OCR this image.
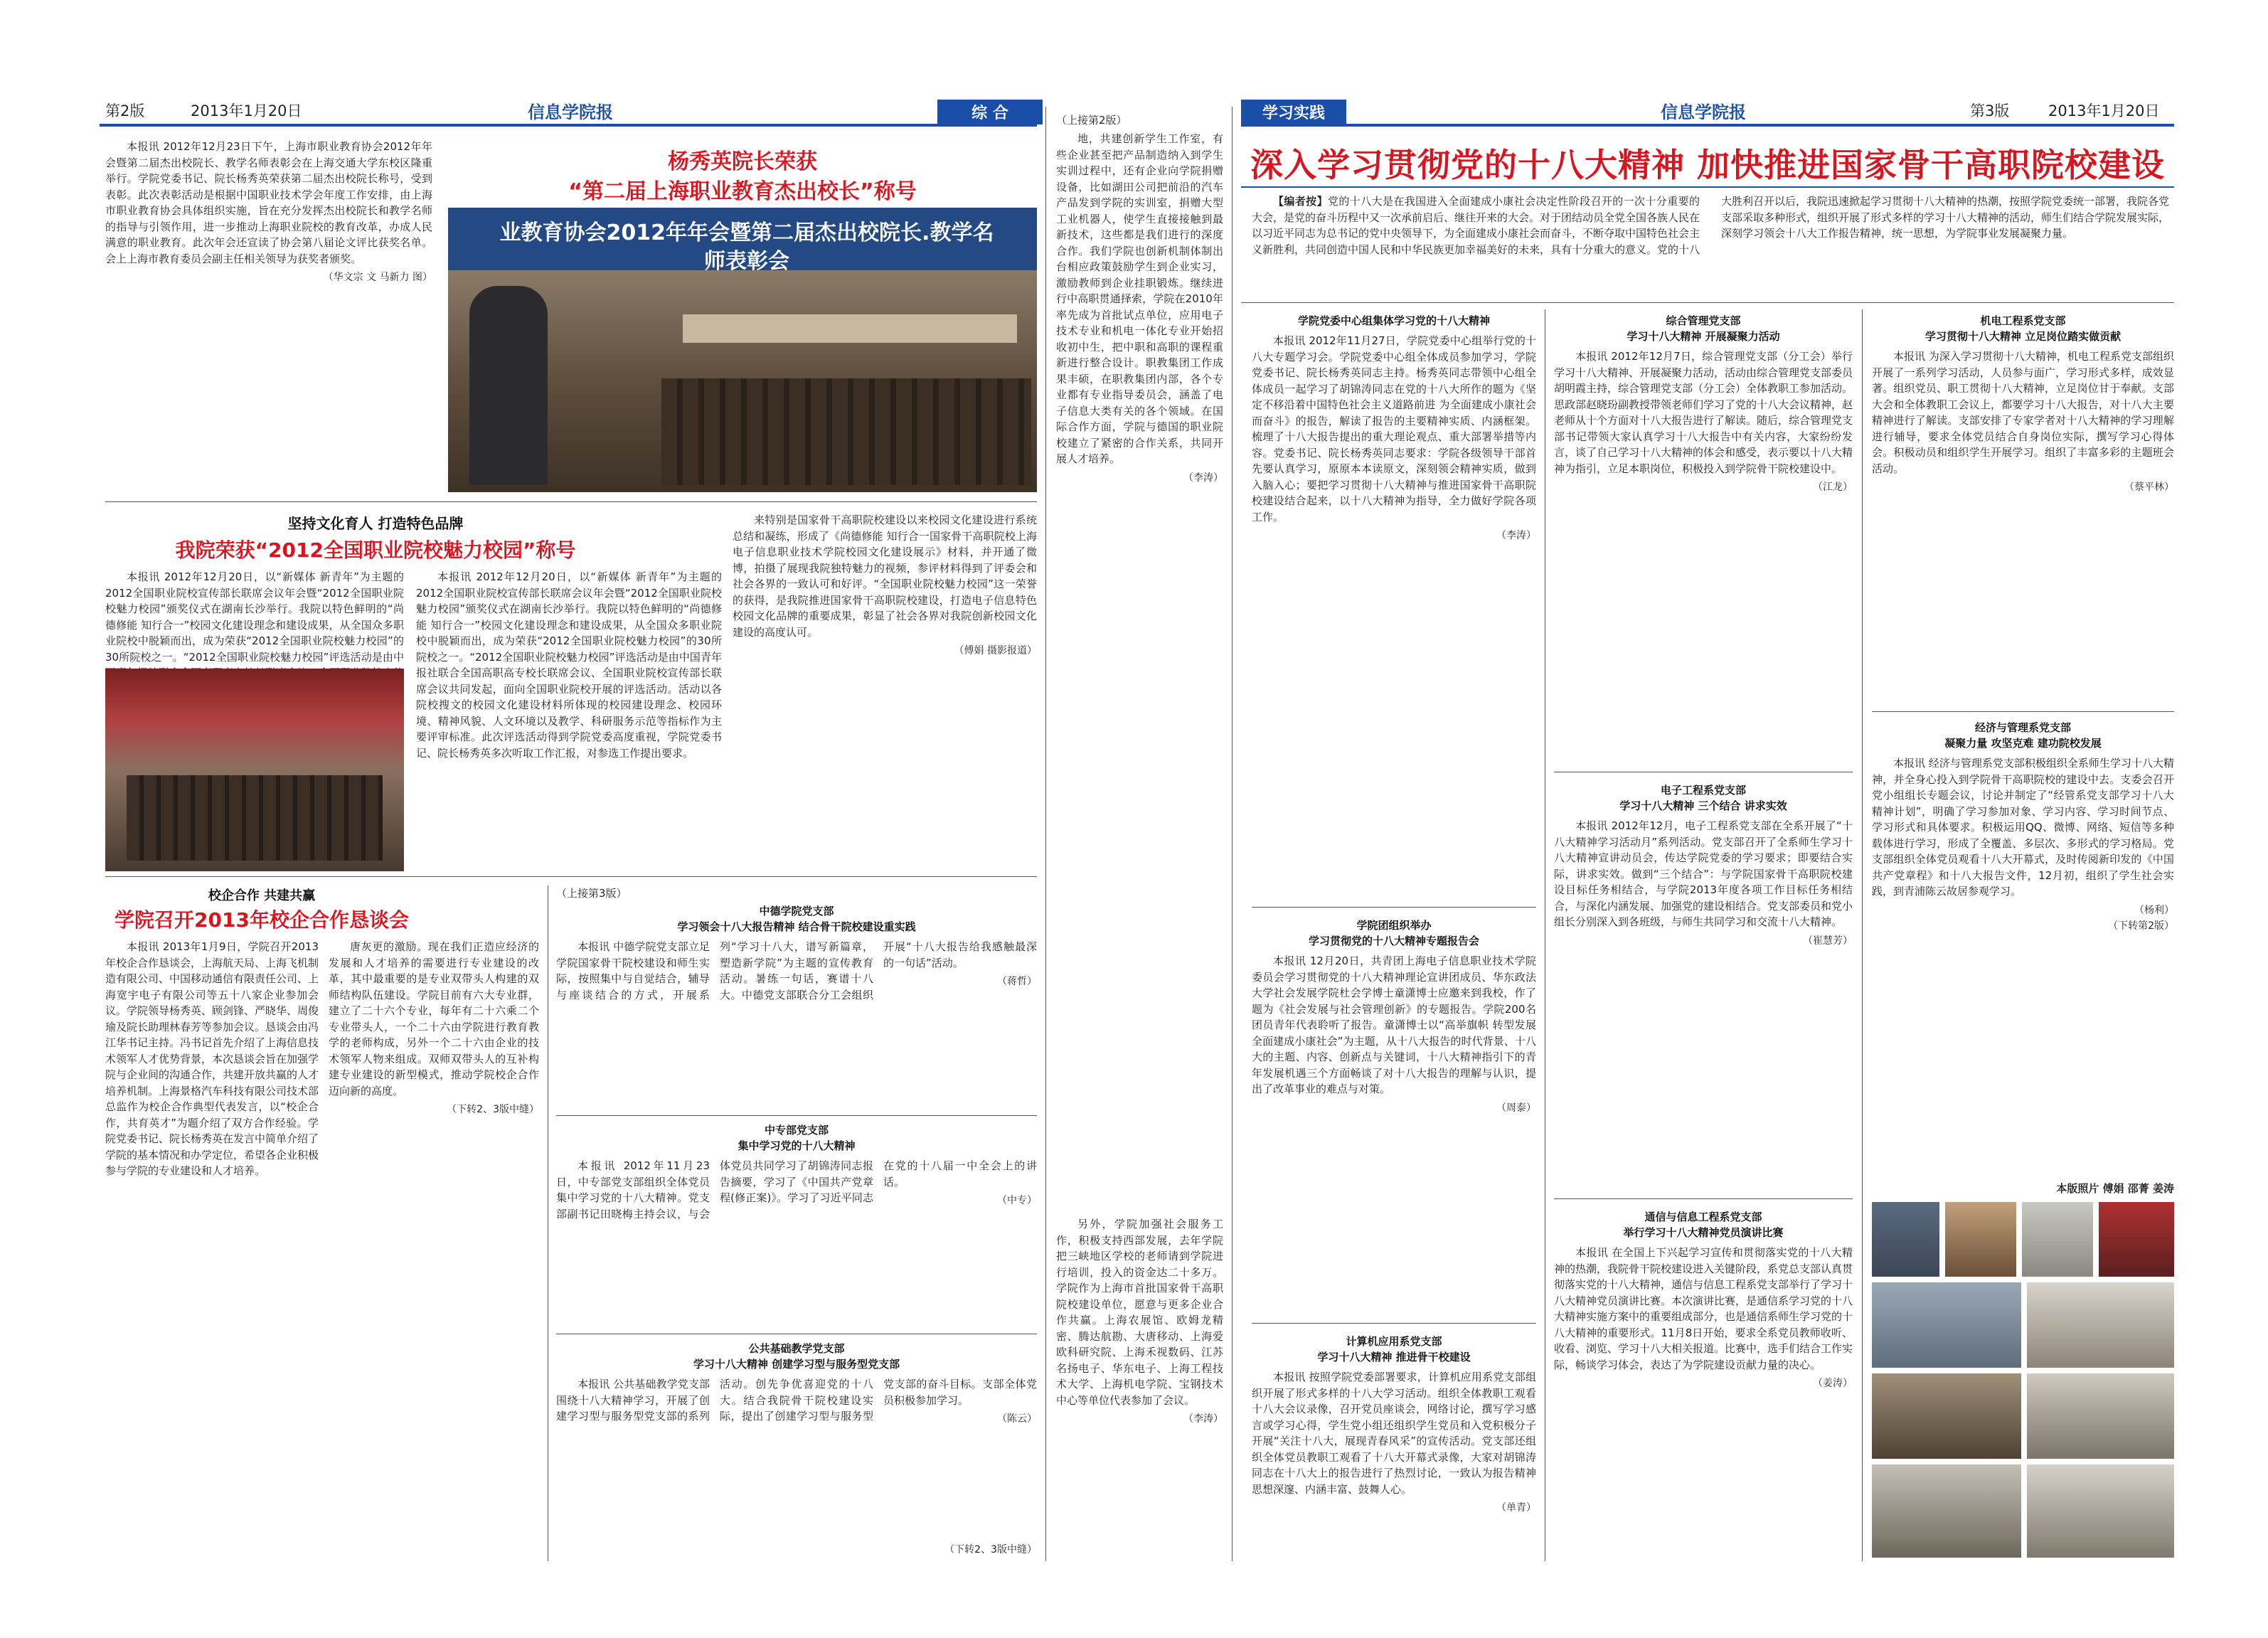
第2版	2013年1月20日	信息学院报	综 合	学习实践	信息学院报	第3版	2013年1月20日

本报讯 2012年12月23日下午，上海市职业教育协会2012年年会暨第二届杰出校院长、教学名师表彰会在上海交通大学东校区隆重举行。学院党委书记、院长杨秀英荣获第二届杰出校院长称号，受到表彰。此次表彰活动是根据中国职业技术学会年度工作安排，由上海市职业教育协会具体组织实施，旨在充分发挥杰出校院长和教学名师的指导与引领作用，进一步推动上海职业院校的教育改革，办成人民满意的职业教育。此次年会还宣读了协会第八届论文评比获奖名单。会上上海市教育委员会副主任相关领导为获奖者颁奖。

（华文宗 文 马新力 图）
杨秀英院长荣获
“第二届上海职业教育杰出校长”称号
业教育协会2012年年会暨第二届杰出校院长.教学名师表彰会
坚持文化育人 打造特色品牌
我院荣获“2012全国职业院校魅力校园”称号

本报讯 2012年12月20日，以“新媒体 新青年”为主题的2012全国职业院校宣传部长联席会议年会暨“2012全国职业院校魅力校园”颁奖仪式在湖南长沙举行。我院以特色鲜明的“尚德修能 知行合一”校园文化建设理念和建设成果，从全国众多职业院校中脱颖而出，成为荣获“2012全国职业院校魅力校园”的30所院校之一。“2012全国职业院校魅力校园”评选活动是由中

本报讯 2012年12月20日，以“新媒体 新青年”为主题的2012全国职业院校宣传部长联席会议年会暨“2012全国职业院校魅力校园”颁奖仪式在湖南长沙举行。我院以特色鲜明的“尚德修能 知行合一”校园文化建设理念和建设成果，从全国众多职业院校中脱颖而出，成为荣获“2012全国职业院校魅力校园”的30所院校之一。“2012全国职业院校魅力校园”评选活动是由中国青年报社联合全国高职高专校长联席会议、全国职业院校宣传部长联席会议共同发起，面向全国职业院校开展的评选活动。活动以各院校搜文的校园文化建设材料所体现的校园建设理念、校园环境、精神风貌、人文环境以及教学、科研服务示范等指标作为主要评审标准。此次评选活动得到学院党委高度重视，学院党委书记、院长杨秀英多次听取工作汇报，对参选工作提出要求。

来特别是国家骨干高职院校建设以来校园文化建设进行系统总结和凝练，形成了《尚德修能 知行合一国家骨干高职院校上海电子信息职业技术学院校园文化建设展示》材料，并开通了微博，拍摄了展现我院独特魅力的视频，参评材料得到了评委会和社会各界的一致认可和好评。“全国职业院校魅力校园”这一荣誉的获得，是我院推进国家骨干高职院校建设，打造电子信息特色校园文化品牌的重要成果，彰显了社会各界对我院创新校园文化建设的高度认可。

（傅娟 摄影报道）
校企合作 共建共赢
学院召开2013年校企合作恳谈会

本报讯 2013年1月9日，学院召开2013年校企合作恳谈会，上海航天局、上海飞机制造有限公司、中国移动通信有限责任公司、上海宽宇电子有限公司等五十八家企业参加会议。学院领导杨秀英、顾剑锋、严晓华、周俊瑜及院长助理林春芳等参加会议。恳谈会由冯江华书记主持。冯书记首先介绍了上海信息技术领军人才优势背景，本次恳谈会旨在加强学院与企业间的沟通合作，共建开放共赢的人才培养机制。上海景格汽车科技有限公司技术部总监作为校企合作典型代表发言，以“校企合作，共育英才”为题介绍了双方合作经验。学院党委书记、院长杨秀英在发言中简单介绍了学院的基本情况和办学定位，希望各企业积极参与学院的专业建设和人才培养。

唐灰更的激励。现在我们正造应经济的发展和人才培养的需要进行专业建设的改革，其中最重要的是专业双带头人构建的双师结构队伍建设。学院目前有六大专业群，建立了二十六个专业，每年有二十六乘二个专业带头人，一个二十六由学院进行教育教学的老师构成，另外一个二十六由企业的技术领军人物来组成。双师双带头人的互补构建专业建设的新型模式，推动学院校企合作迈向新的高度。

（下转2、3版中缝）
（上接第3版）
中德学院党支部
学习领会十八大报告精神 结合骨干院校建设重实践

本报讯 中德学院党支部立足学院国家骨干院校建设和师生实际，按照集中与自觉结合，辅导与座谈结合的方式，开展系列“学习十八大，谱写新篇章，塑造新学院”为主题的宣传教育活动。暑练一句话，赛谱十八大。中德党支部联合分工会组织开展“十八大报告给我感触最深的一句话”活动。

（蒋哲）
中专部党支部
集中学习党的十八大精神

本报讯 2012年11月23日，中专部党支部组织全体党员集中学习党的十八大精神。党支部副书记田晓梅主持会议，与会体党员共同学习了胡锦涛同志报告摘要，学习了《中国共产党章程(修正案)》。学习了习近平同志在党的十八届一中全会上的讲话。

（中专）
公共基础教学党支部
学习十八大精神 创建学习型与服务型党支部

本报讯 公共基础教学党支部围绕十八大精神学习，开展了创建学习型与服务型党支部的系列活动。创先争优喜迎党的十八大。结合我院骨干院校建设实际，提出了创建学习型与服务型党支部的奋斗目标。支部全体党员积极参加学习。

（陈云）
（下转2、3版中缝）
（上接第2版）

地，共建创新学生工作室，有些企业甚至把产品制造纳入到学生实训过程中，还有企业向学院捐赠设备，比如湖田公司把前沿的汽车产品发到学院的实训室，捐赠大型工业机器人，使学生直接接触到最新技术，这些都是我们进行的深度合作。我们学院也创新机制体制出台相应政策鼓励学生到企业实习，激励教师到企业挂职锻炼。继续进行中高职贯通择索，学院在2010年率先成为首批试点单位，应用电子技术专业和机电一体化专业开始招收初中生，把中职和高职的课程重新进行整合设计。职教集团工作成果丰硕，在职教集团内部，各个专业都有专业指导委员会，涵盖了电子信息大类有关的各个领域。在国际合作方面，学院与德国的职业院校建立了紧密的合作关系，共同开展人才培养。

（李涛）

另外，学院加强社会服务工作，积极支持西部发展，去年学院把三峡地区学校的老师请到学院进行培训，投入的资金达二十多万。学院作为上海市首批国家骨干高职院校建设单位，愿意与更多企业合作共赢。上海农展馆、欧姆龙精密、腾达航勘、大唐移动、上海爱欧科研究院、上海禾视数码、江苏名扬电子、华东电子、上海工程技术大学、上海机电学院、宝钢技术中心等单位代表参加了会议。

（李涛）
深入学习贯彻党的十八大精神 加快推进国家骨干高职院校建设

【编者按】党的十八大是在我国进入全面建成小康社会决定性阶段召开的一次十分重要的大会，是党的奋斗历程中又一次承前启后、继往开来的大会。对于团结动员全党全国各族人民在以习近平同志为总书记的党中央领导下，为全面建成小康社会而奋斗，不断夺取中国特色社会主义新胜利，共同创造中国人民和中华民族更加幸福美好的未来，具有十分重大的意义。党的十八大胜利召开以后，我院迅速掀起学习贯彻十八大精神的热潮，按照学院党委统一部署，我院各党支部采取多种形式，组织开展了形式多样的学习十八大精神的活动，师生们结合学院发展实际，深刻学习领会十八大工作报告精神，统一思想，为学院事业发展凝聚力量。

学院党委中心组集体学习党的十八大精神

本报讯 2012年11月27日，学院党委中心组举行党的十八大专题学习会。学院党委中心组全体成员参加学习，学院党委书记、院长杨秀英同志主持。杨秀英同志带领中心组全体成员一起学习了胡锦涛同志在党的十八大所作的题为《坚定不移沿着中国特色社会主义道路前进 为全面建成小康社会而奋斗》的报告，解读了报告的主要精神实质、内涵框架。梳理了十八大报告提出的重大理论观点、重大部署举措等内容。党委书记、院长杨秀英同志要求：学院各级领导干部首先要认真学习，原原本本读原文，深刻领会精神实质，做到入脑入心；要把学习贯彻十八大精神与推进国家骨干高职院校建设结合起来，以十八大精神为指导，全力做好学院各项工作。

（李涛）
学院团组织举办
学习贯彻党的十八大精神专题报告会

本报讯 12月20日，共青团上海电子信息职业技术学院委员会学习贯彻党的十八大精神理论宣讲团成员、华东政法大学社会发展学院杜会学博士童潇博士应邀来到我校，作了题为《社会发展与社会管理创新》的专题报告。学院200名团员青年代表聆听了报告。童潇博士以“高举旗帜 转型发展 全面建成小康社会”为主题，从十八大报告的时代背景、十八大的主题、内容、创新点与关键词，十八大精神指引下的青年发展机遇三个方面畅谈了对十八大报告的理解与认识，提出了改革事业的难点与对策。

（周泰）
计算机应用系党支部
学习十八大精神 推进骨干校建设

本报讯 按照学院党委部署要求，计算机应用系党支部组织开展了形式多样的十八大学习活动。组织全体教职工观看十八大会议录像，召开党员座谈会，网络讨论，撰写学习感言或学习心得，学生党小组还组织学生党员和入党积极分子开展“关注十八大，展现青春风采”的宣传活动。党支部还组织全体党员教职工观看了十八大开幕式录像，大家对胡锦涛同志在十八大上的报告进行了热烈讨论，一致认为报告精神思想深邃、内涵丰富、鼓舞人心。

（单青）
综合管理党支部
学习十八大精神 开展凝聚力活动

本报讯 2012年12月7日，综合管理党支部（分工会）举行学习十八大精神、开展凝聚力活动，活动由综合管理党支部委员胡明霞主持，综合管理党支部（分工会）全体教职工参加活动。思政部赵晓玢副教授带领老师们学习了党的十八大会议精神，赵老师从十个方面对十八大报告进行了解读。随后，综合管理党支部书记带领大家认真学习十八大报告中有关内容，大家纷纷发言，谈了自己学习十八大精神的体会和感受，表示要以十八大精神为指引，立足本职岗位，积极投入到学院骨干院校建设中。

（江龙）
电子工程系党支部
学习十八大精神 三个结合 讲求实效

本报讯 2012年12月，电子工程系党支部在全系开展了“十八大精神学习活动月”系列活动。党支部召开了全系师生学习十八大精神宣讲动员会，传达学院党委的学习要求；即要结合实际，讲求实效。做到“三个结合”：与学院国家骨干高职院校建设目标任务相结合，与学院2013年度各项工作目标任务相结合，与深化内涵发展、加强党的建设相结合。党支部委员和党小组长分别深入到各班级，与师生共同学习和交流十八大精神。

（崔慧芳）
通信与信息工程系党支部
举行学习十八大精神党员演讲比赛

本报讯 在全国上下兴起学习宣传和贯彻落实党的十八大精神的热潮，我院骨干院校建设进入关键阶段，系党总支部认真贯彻落实党的十八大精神，通信与信息工程系党支部举行了学习十八大精神党员演讲比赛。本次演讲比赛，是通信系学习党的十八大精神实施方案中的重要组成部分，也是通信系师生学习党的十八大精神的重要形式。11月8日开始，要求全系党员教师收听、收看、浏览、学习十八大相关报道。比赛中，选手们结合工作实际，畅谈学习体会，表达了为学院建设贡献力量的决心。

（姜涛）
机电工程系党支部
学习贯彻十八大精神 立足岗位踏实做贡献

本报讯 为深入学习贯彻十八大精神，机电工程系党支部组织开展了一系列学习活动，人员参与面广，学习形式多样，成效显著。组织党员、职工贯彻十八大精神，立足岗位甘于奉献。支部大会和全体教职工会议上，都要学习十八大报告，对十八大主要精神进行了解读。支部安排了专家学者对十八大精神的学习理解进行辅导，要求全体党员结合自身岗位实际，撰写学习心得体会。积极动员和组织学生开展学习。组织了丰富多彩的主题班会活动。

（蔡平林）
经济与管理系党支部
凝聚力量 攻坚克难 建功院校发展

本报讯 经济与管理系党支部积极组织全系师生学习十八大精神，并全身心投入到学院骨干高职院校的建设中去。支委会召开党小组组长专题会议，讨论并制定了“经管系党支部学习十八大精神计划”，明确了学习参加对象、学习内容、学习时间节点、学习形式和具体要求。积极运用QQ、微博、网络、短信等多种载体进行学习，形成了全覆盖、多层次、多形式的学习格局。党支部组织全体党员观看十八大开幕式，及时传阅新印发的《中国共产党章程》和十八大报告文件，12月初，组织了学生社会实践，到青浦陈云故居参观学习。

（杨利）
（下转第2版）
本版照片 傅娟 邵菁 姜涛
